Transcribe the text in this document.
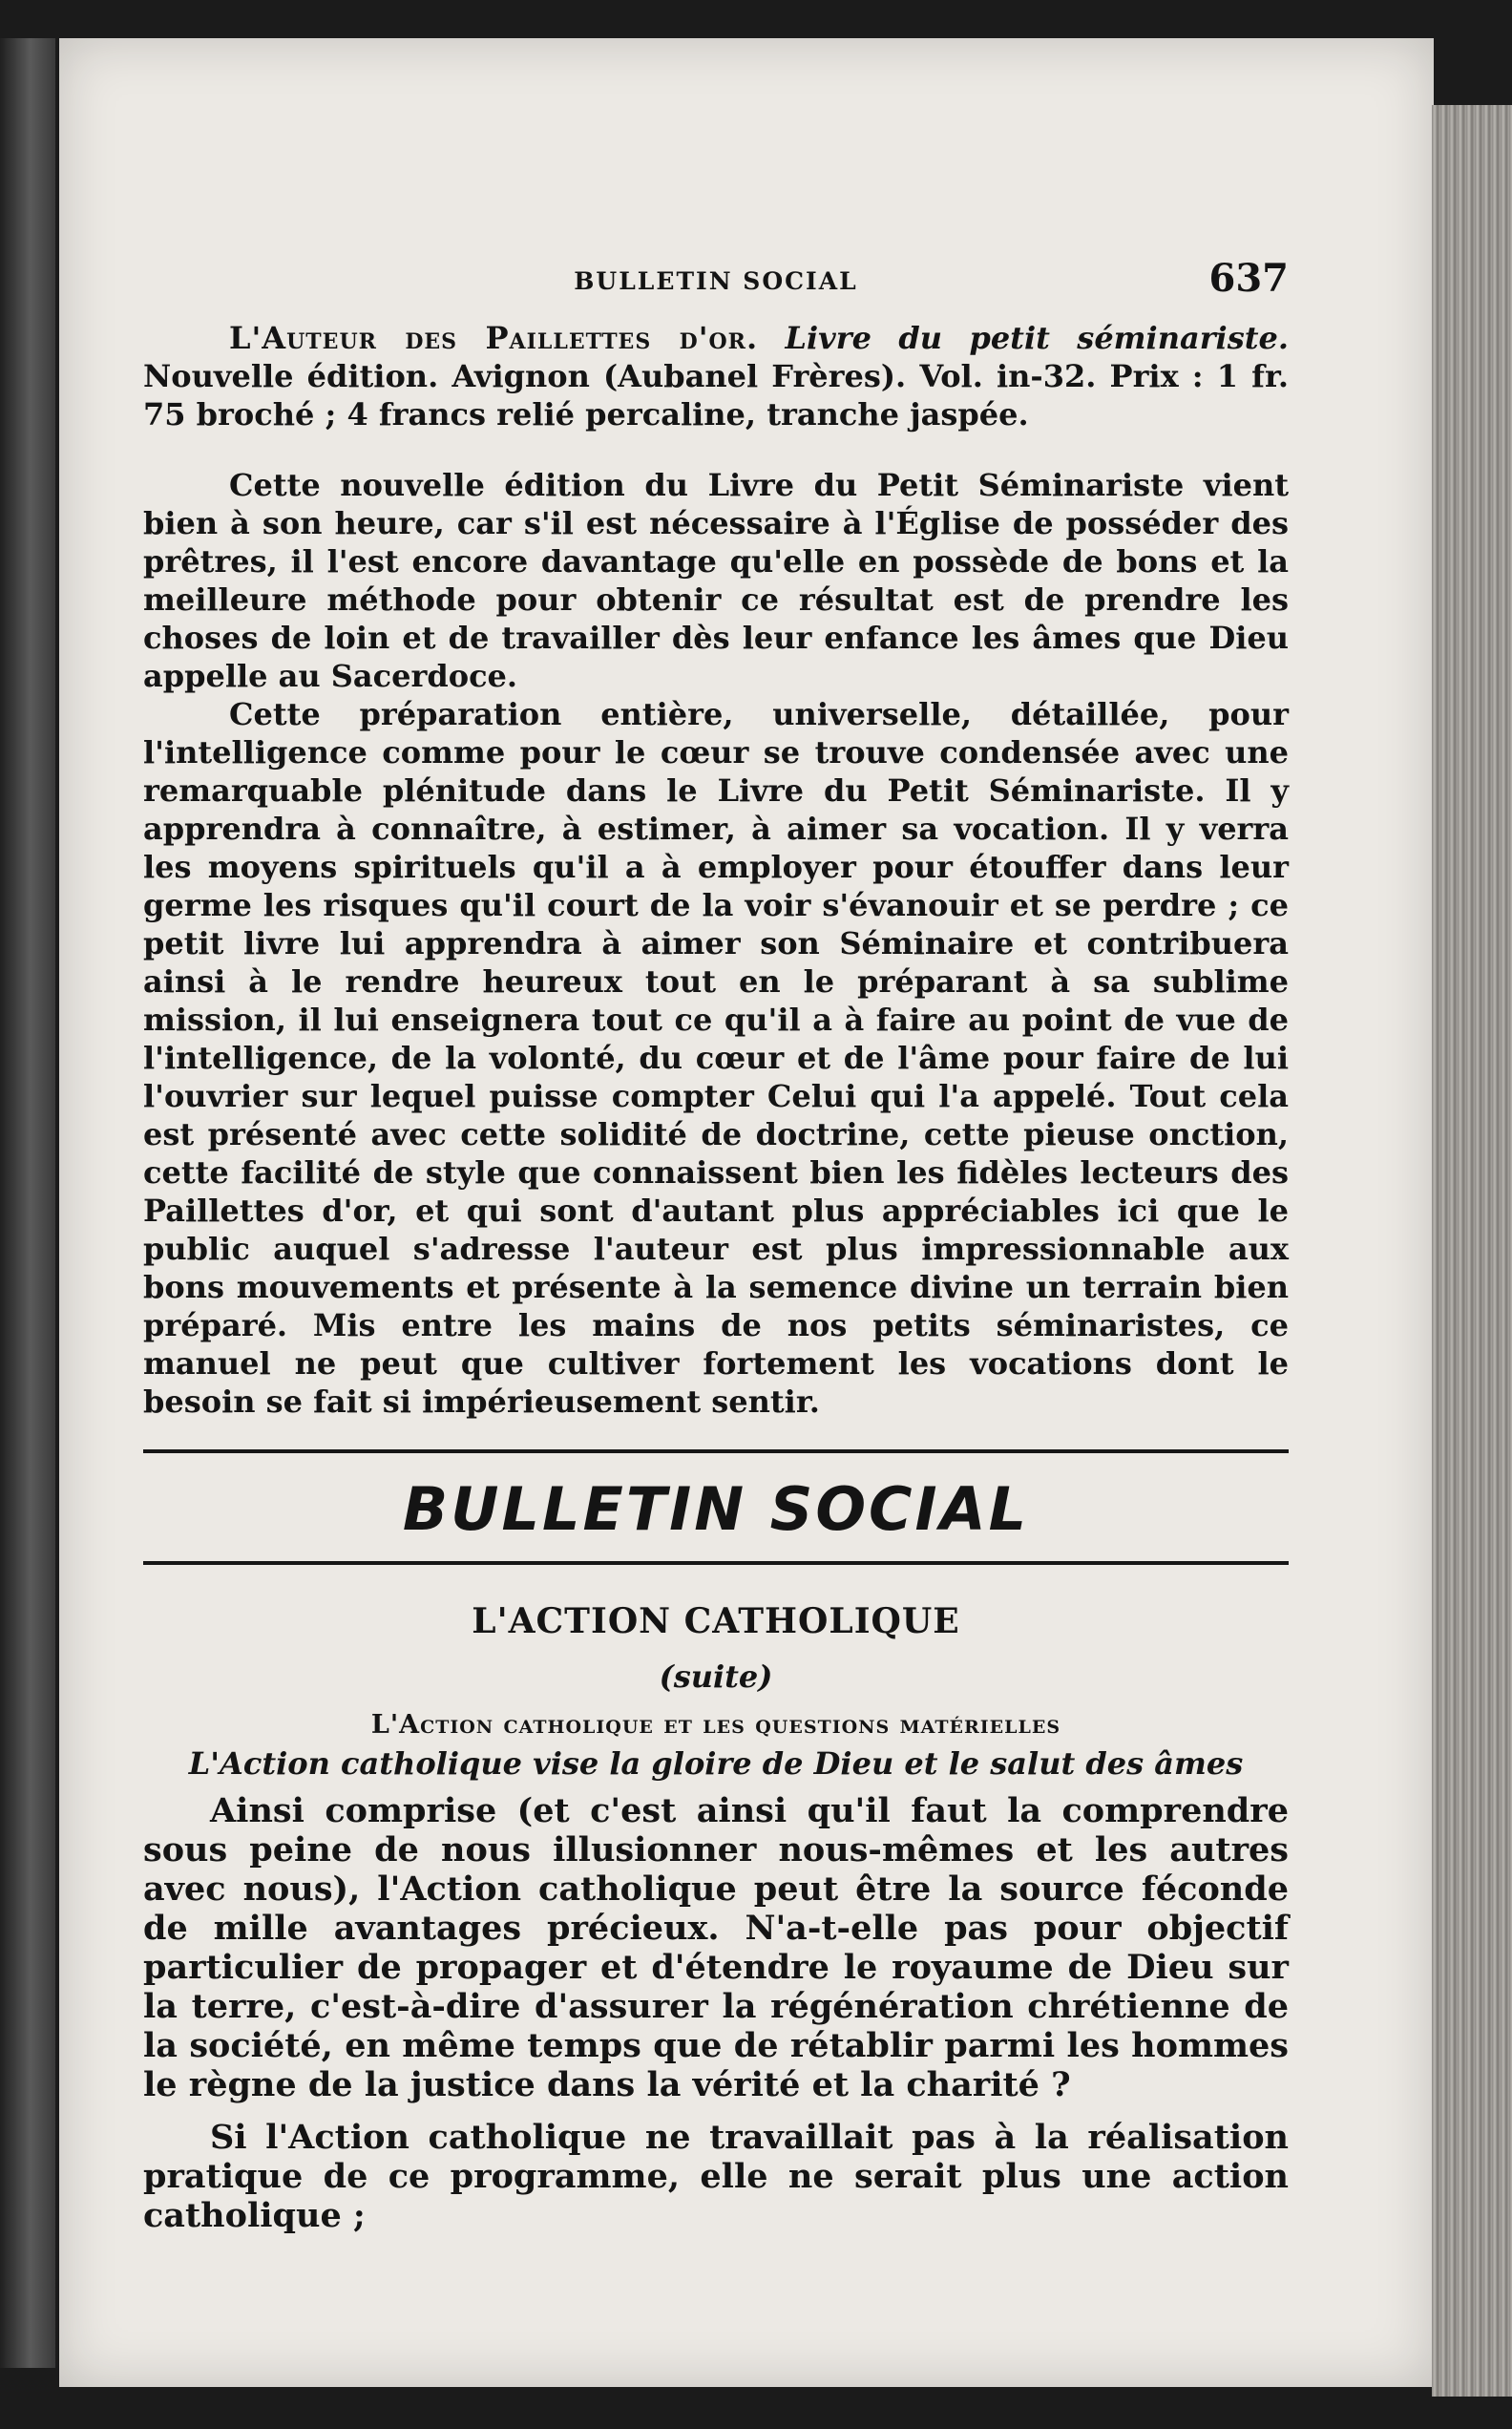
BULLETIN SOCIAL	637

L'Auteur des Paillettes d'or. Livre du petit séminariste. Nouvelle édition. Avignon (Aubanel Frères). Vol. in-32. Prix : 1 fr. 75 broché ; 4 francs relié percaline, tranche jaspée.

Cette nouvelle édition du Livre du Petit Séminariste vient bien à son heure, car s'il est nécessaire à l'Église de posséder des prêtres, il l'est encore davantage qu'elle en possède de bons et la meilleure méthode pour obtenir ce résultat est de prendre les choses de loin et de travailler dès leur enfance les âmes que Dieu appelle au Sacerdoce.

Cette préparation entière, universelle, détaillée, pour l'intelligence comme pour le cœur se trouve condensée avec une remarquable plénitude dans le Livre du Petit Séminariste. Il y apprendra à connaître, à estimer, à aimer sa vocation. Il y verra les moyens spirituels qu'il a à employer pour étouffer dans leur germe les risques qu'il court de la voir s'évanouir et se perdre ; ce petit livre lui apprendra à aimer son Séminaire et contribuera ainsi à le rendre heureux tout en le préparant à sa sublime mission, il lui enseignera tout ce qu'il a à faire au point de vue de l'intelligence, de la volonté, du cœur et de l'âme pour faire de lui l'ouvrier sur lequel puisse compter Celui qui l'a appelé. Tout cela est présenté avec cette solidité de doctrine, cette pieuse onction, cette facilité de style que connaissent bien les fidèles lecteurs des Paillettes d'or, et qui sont d'autant plus appréciables ici que le public auquel s'adresse l'auteur est plus impressionnable aux bons mouvements et présente à la semence divine un terrain bien préparé. Mis entre les mains de nos petits séminaristes, ce manuel ne peut que cultiver fortement les vocations dont le besoin se fait si impérieusement sentir.

BULLETIN SOCIAL
L'ACTION CATHOLIQUE
(suite)
L'Action catholique et les questions matérielles
L'Action catholique vise la gloire de Dieu et le salut des âmes

Ainsi comprise (et c'est ainsi qu'il faut la comprendre sous peine de nous illusionner nous-mêmes et les autres avec nous), l'Action catholique peut être la source féconde de mille avantages précieux. N'a-t-elle pas pour objectif particulier de propager et d'étendre le royaume de Dieu sur la terre, c'est-à-dire d'assurer la régénération chrétienne de la société, en même temps que de rétablir parmi les hommes le règne de la justice dans la vérité et la charité ?

Si l'Action catholique ne travaillait pas à la réalisation pratique de ce programme, elle ne serait plus une action catholique ;
